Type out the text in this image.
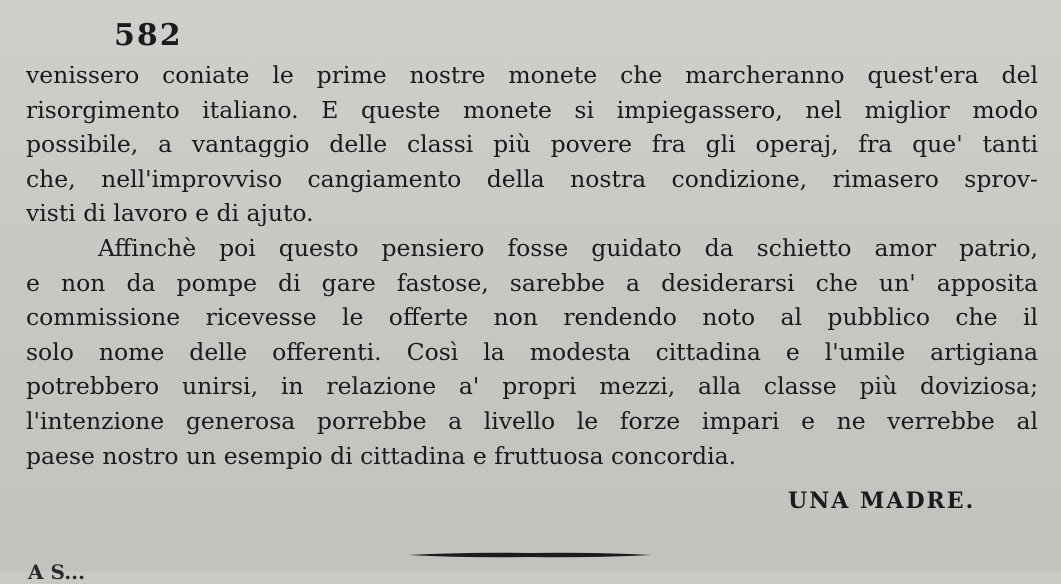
582
venissero coniate le prime nostre monete che marcheranno quest'era del
risorgimento italiano. E queste monete si impiegassero, nel miglior modo
possibile, a vantaggio delle classi più povere fra gli operaj, fra que' tanti
che, nell'improvviso cangiamento della nostra condizione, rimasero sprov-
visti di lavoro e di ajuto.
Affinchè poi questo pensiero fosse guidato da schietto amor patrio,
e non da pompe di gare fastose, sarebbe a desiderarsi che un' apposita
commissione ricevesse le offerte non rendendo noto al pubblico che il
solo nome delle offerenti. Così la modesta cittadina e l'umile artigiana
potrebbero unirsi, in relazione a' propri mezzi, alla classe più doviziosa;
l'intenzione generosa porrebbe a livello le forze impari e ne verrebbe al
paese nostro un esempio di cittadina e fruttuosa concordia.
UNA MADRE.
A S...
